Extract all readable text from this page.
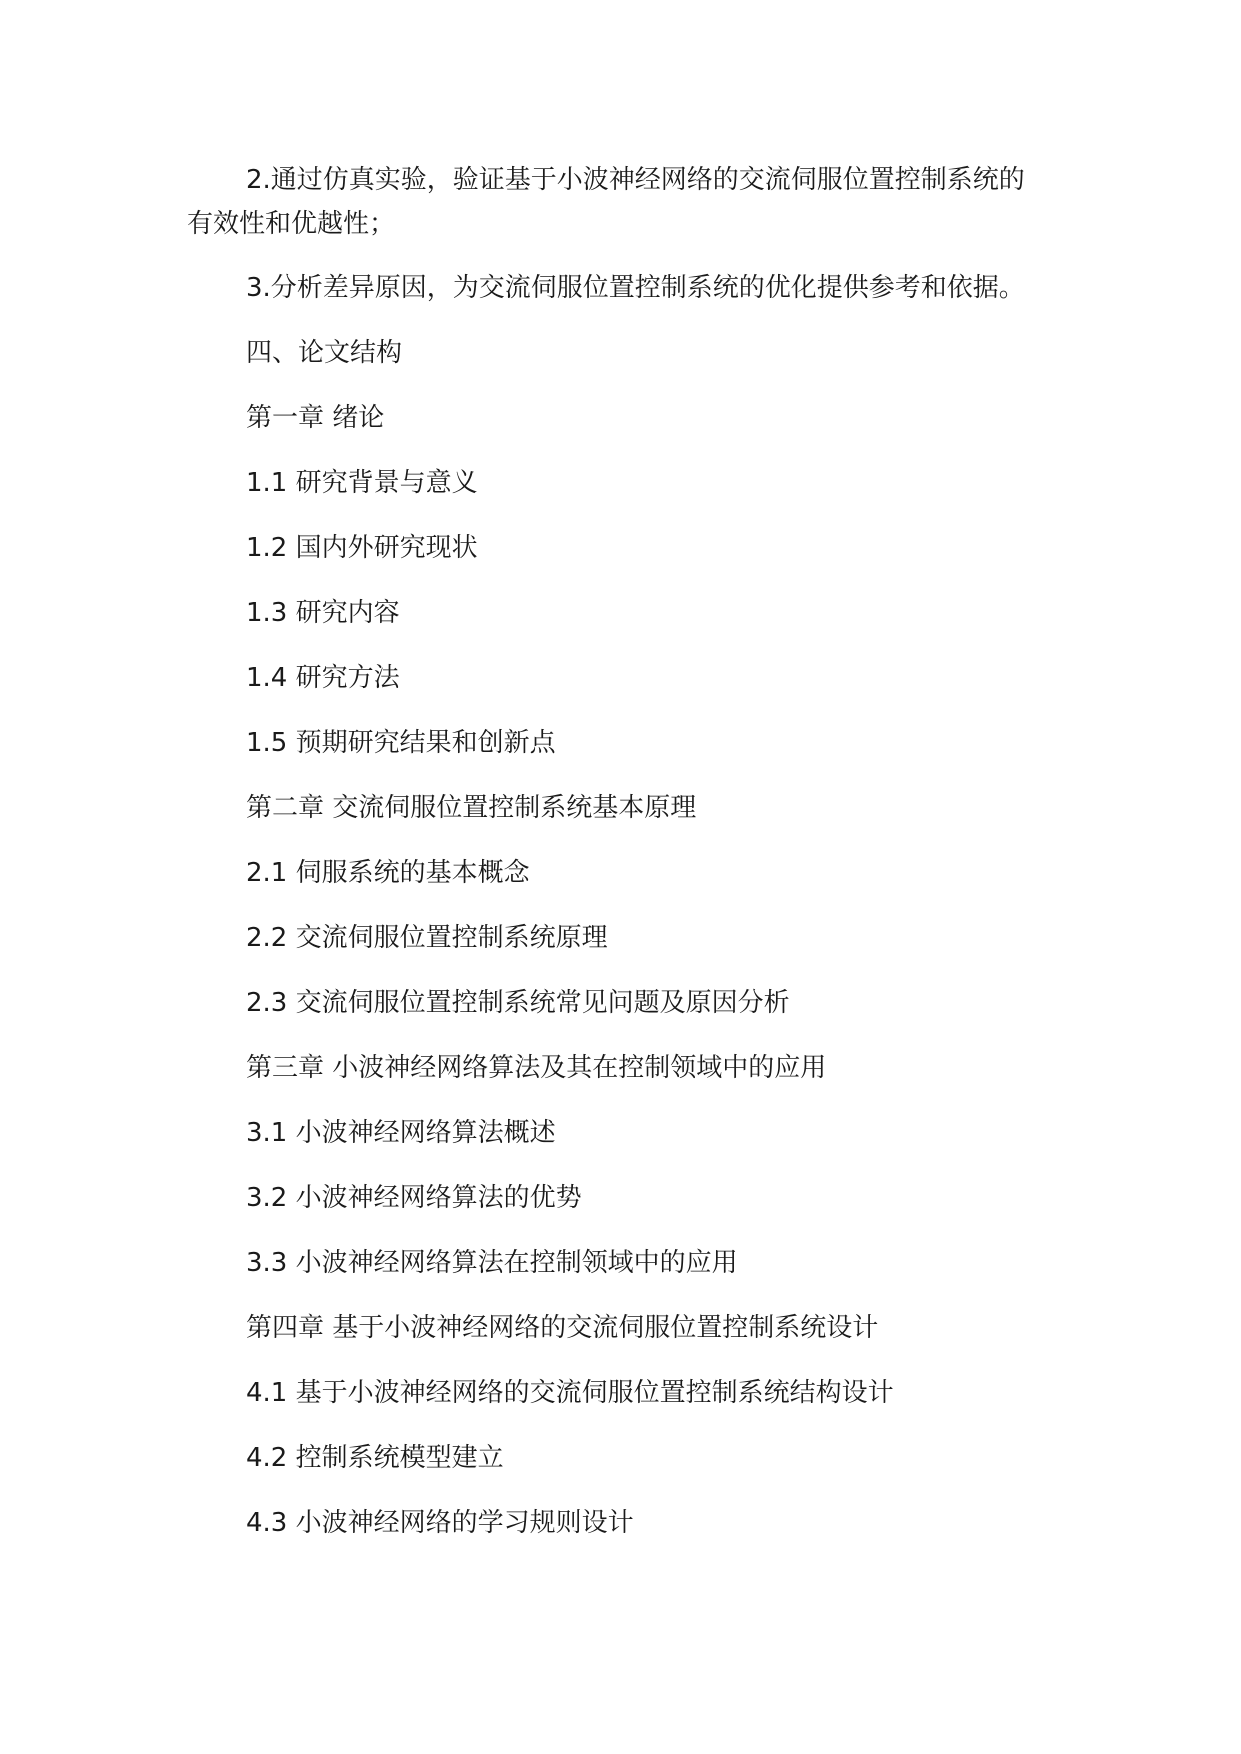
2.通过仿真实验，验证基于小波神经网络的交流伺服位置控制系统的有效性和优越性；

3.分析差异原因，为交流伺服位置控制系统的优化提供参考和依据。

四、论文结构

第一章 绪论

1.1 研究背景与意义

1.2 国内外研究现状

1.3 研究内容

1.4 研究方法

1.5 预期研究结果和创新点

第二章 交流伺服位置控制系统基本原理

2.1 伺服系统的基本概念

2.2 交流伺服位置控制系统原理

2.3 交流伺服位置控制系统常见问题及原因分析

第三章 小波神经网络算法及其在控制领域中的应用

3.1 小波神经网络算法概述

3.2 小波神经网络算法的优势

3.3 小波神经网络算法在控制领域中的应用

第四章 基于小波神经网络的交流伺服位置控制系统设计

4.1 基于小波神经网络的交流伺服位置控制系统结构设计

4.2 控制系统模型建立

4.3 小波神经网络的学习规则设计
